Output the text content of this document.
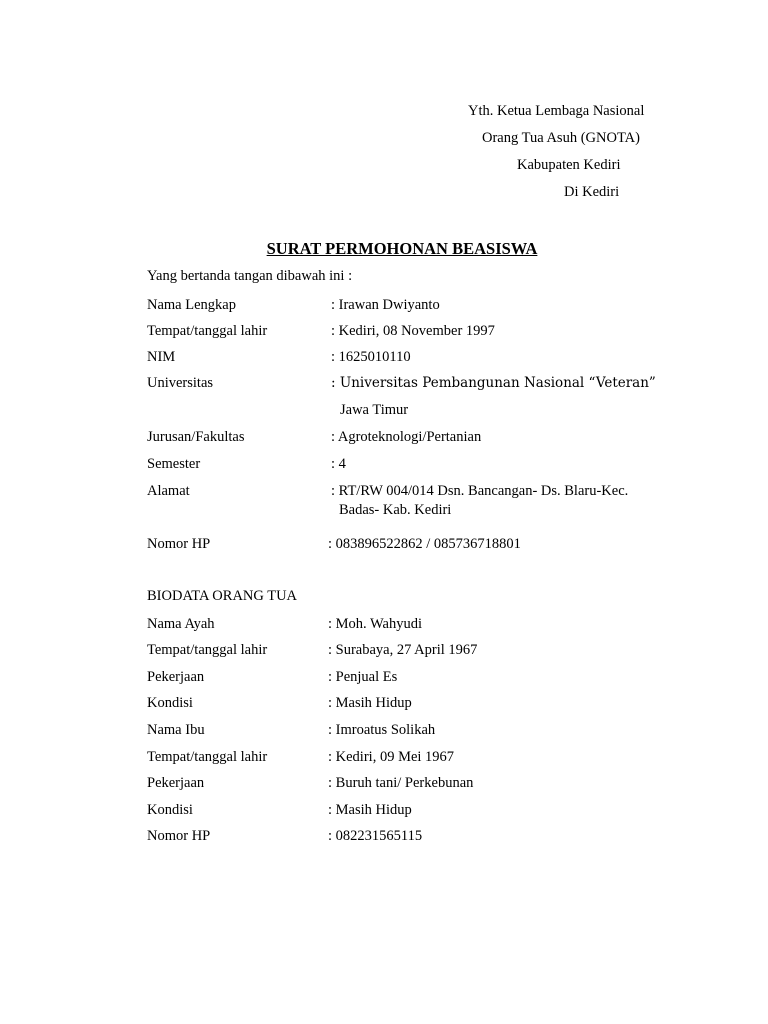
Yth. Ketua Lembaga Nasional
Orang Tua Asuh (GNOTA)
Kabupaten Kediri
Di Kediri
SURAT PERMOHONAN BEASISWA
Yang bertanda tangan dibawah ini :
Nama Lengkap	: Irawan Dwiyanto
Tempat/tanggal lahir	: Kediri, 08 November 1997
NIM	: 1625010110
Universitas	: Universitas Pembangunan Nasional “Veteran”
Jawa Timur
Jurusan/Fakultas	: Agroteknologi/Pertanian
Semester	: 4
Alamat	: RT/RW 004/014 Dsn. Bancangan- Ds. Blaru-Kec.
Badas- Kab. Kediri
Nomor HP	: 083896522862 / 085736718801
BIODATA ORANG TUA
Nama Ayah	: Moh. Wahyudi
Tempat/tanggal lahir	: Surabaya, 27 April 1967
Pekerjaan	: Penjual Es
Kondisi	: Masih Hidup
Nama Ibu	: Imroatus Solikah
Tempat/tanggal lahir	: Kediri, 09 Mei 1967
Pekerjaan	: Buruh tani/ Perkebunan
Kondisi	: Masih Hidup
Nomor HP	: 082231565115
